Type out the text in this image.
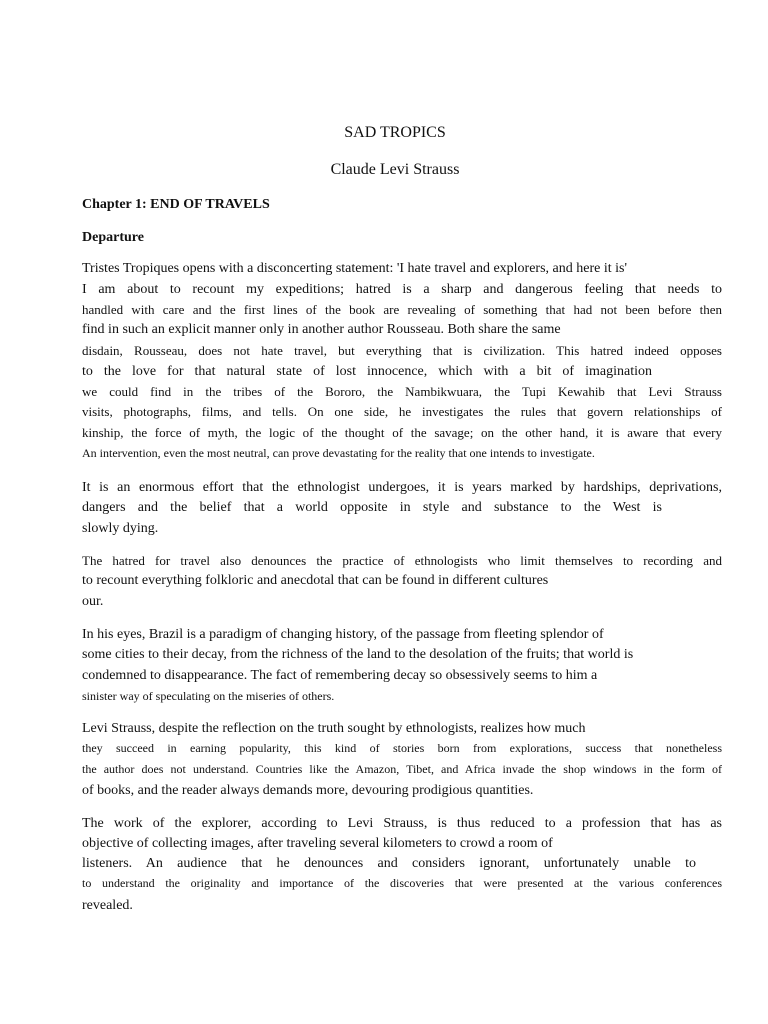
SAD TROPICS
Claude Levi Strauss
Chapter 1: END OF TRAVELS
Departure
Tristes Tropiques opens with a disconcerting statement: 'I hate travel and explorers, and here it is'
I am about to recount my expeditions; hatred is a sharp and dangerous feeling that needs to
handled with care and the first lines of the book are revealing of something that had not been before then
find in such an explicit manner only in another author Rousseau. Both share the same
disdain, Rousseau, does not hate travel, but everything that is civilization. This hatred indeed opposes
to the love for that natural state of lost innocence, which with a bit of imagination
we could find in the tribes of the Bororo, the Nambikwuara, the Tupi Kewahib that Levi Strauss
visits, photographs, films, and tells. On one side, he investigates the rules that govern relationships of
kinship, the force of myth, the logic of the thought of the savage; on the other hand, it is aware that every
An intervention, even the most neutral, can prove devastating for the reality that one intends to investigate.
It is an enormous effort that the ethnologist undergoes, it is years marked by hardships, deprivations,
dangers and the belief that a world opposite in style and substance to the West is
slowly dying.
The hatred for travel also denounces the practice of ethnologists who limit themselves to recording and
to recount everything folkloric and anecdotal that can be found in different cultures
our.
In his eyes, Brazil is a paradigm of changing history, of the passage from fleeting splendor of
some cities to their decay, from the richness of the land to the desolation of the fruits; that world is
condemned to disappearance. The fact of remembering decay so obsessively seems to him a
sinister way of speculating on the miseries of others.
Levi Strauss, despite the reflection on the truth sought by ethnologists, realizes how much
they succeed in earning popularity, this kind of stories born from explorations, success that nonetheless
the author does not understand. Countries like the Amazon, Tibet, and Africa invade the shop windows in the form of
of books, and the reader always demands more, devouring prodigious quantities.
The work of the explorer, according to Levi Strauss, is thus reduced to a profession that has as
objective of collecting images, after traveling several kilometers to crowd a room of
listeners. An audience that he denounces and considers ignorant, unfortunately unable to
to understand the originality and importance of the discoveries that were presented at the various conferences
revealed.
